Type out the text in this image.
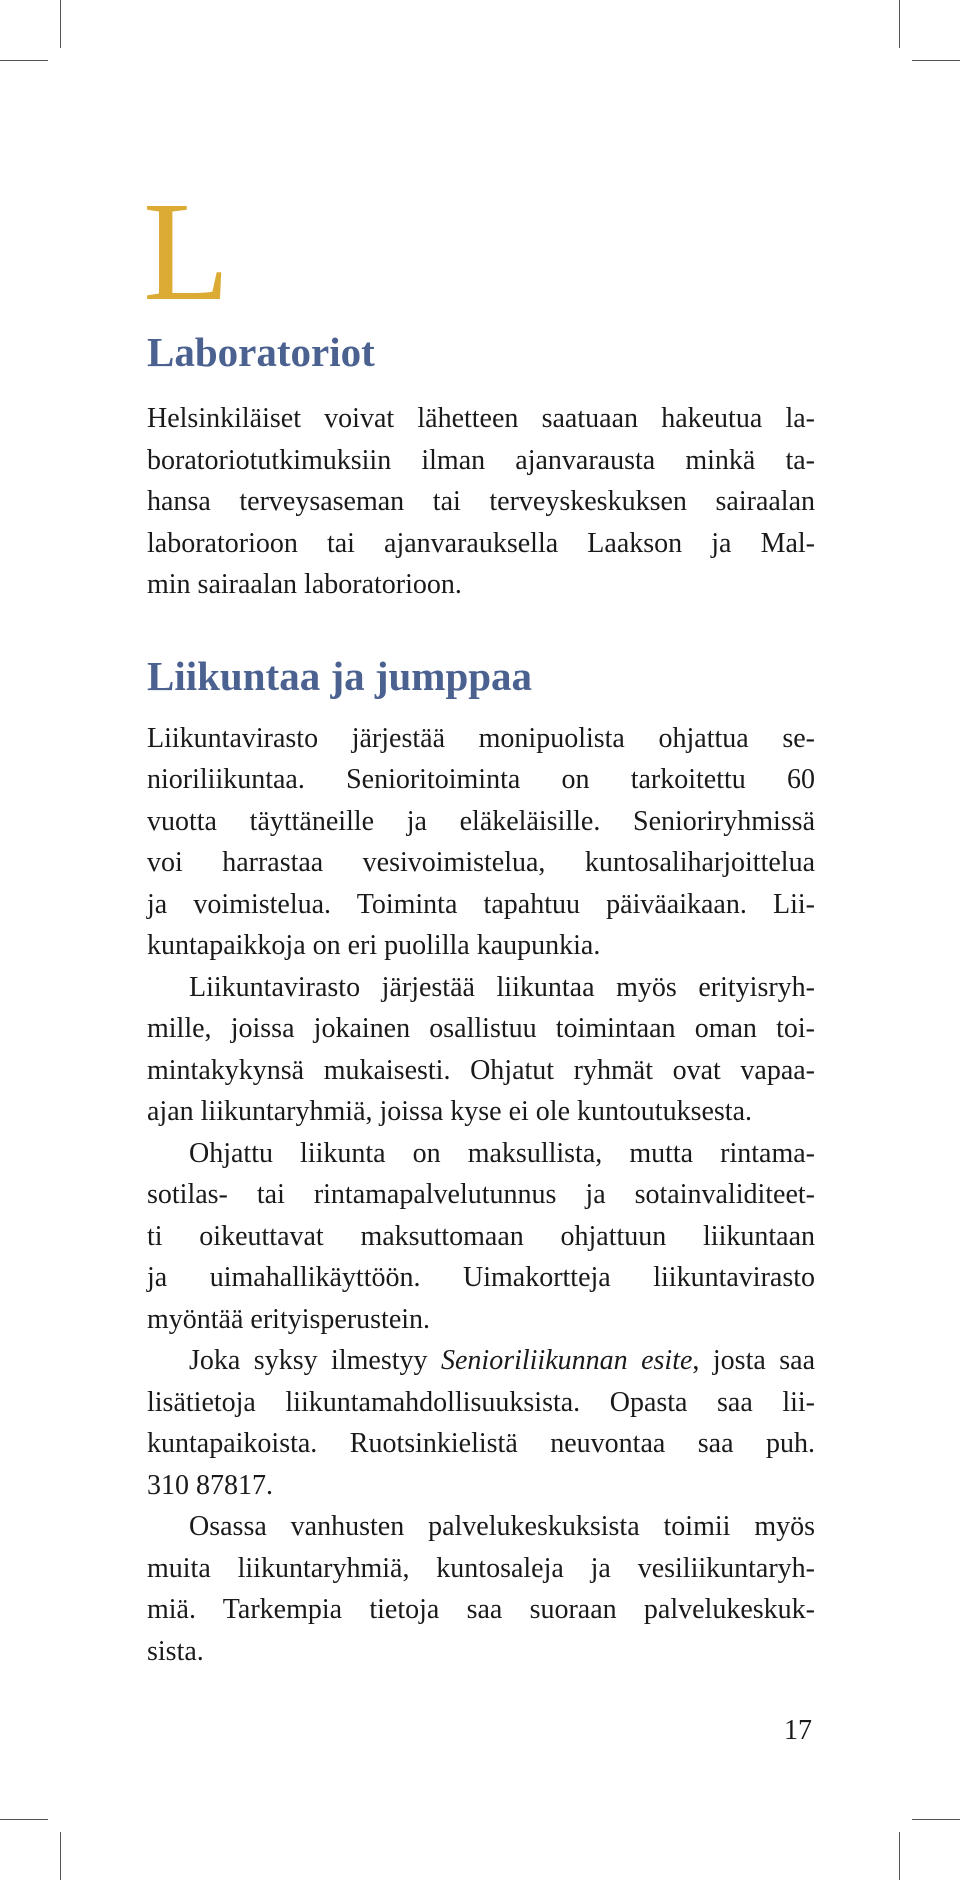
L
Laboratoriot

Helsinkiläiset voivat lähetteen saatuaan hakeutua la-
boratoriotutkimuksiin ilman ajanvarausta minkä ta-
hansa terveysaseman tai terveyskeskuksen sairaalan
laboratorioon tai ajanvarauksella Laakson ja Mal-
min sairaalan laboratorioon.

Liikuntaa ja jumppaa

Liikuntavirasto järjestää monipuolista ohjattua se-
nioriliikuntaa. Senioritoiminta on tarkoitettu 60
vuotta täyttäneille ja eläkeläisille. Senioriryhmissä
voi harrastaa vesivoimistelua, kuntosaliharjoittelua
ja voimistelua. Toiminta tapahtuu päiväaikaan. Lii-
kuntapaikkoja on eri puolilla kaupunkia.

Liikuntavirasto järjestää liikuntaa myös erityisryh-
mille, joissa jokainen osallistuu toimintaan oman toi-
mintakykynsä mukaisesti. Ohjatut ryhmät ovat vapaa-
ajan liikuntaryhmiä, joissa kyse ei ole kuntoutuksesta.

Ohjattu liikunta on maksullista, mutta rintama-
sotilas- tai rintamapalvelutunnus ja sotainvaliditeet-
ti oikeuttavat maksuttomaan ohjattuun liikuntaan
ja uimahallikäyttöön. Uimakortteja liikuntavirasto
myöntää erityisperustein.

Joka syksy ilmestyy Senioriliikunnan esite, josta saa
lisätietoja liikuntamahdollisuuksista. Opasta saa lii-
kuntapaikoista. Ruotsinkielistä neuvontaa saa puh.
310 87817.

Osassa vanhusten palvelukeskuksista toimii myös
muita liikuntaryhmiä, kuntosaleja ja vesiliikuntaryh-
miä. Tarkempia tietoja saa suoraan palvelukeskuk-
sista.

17
